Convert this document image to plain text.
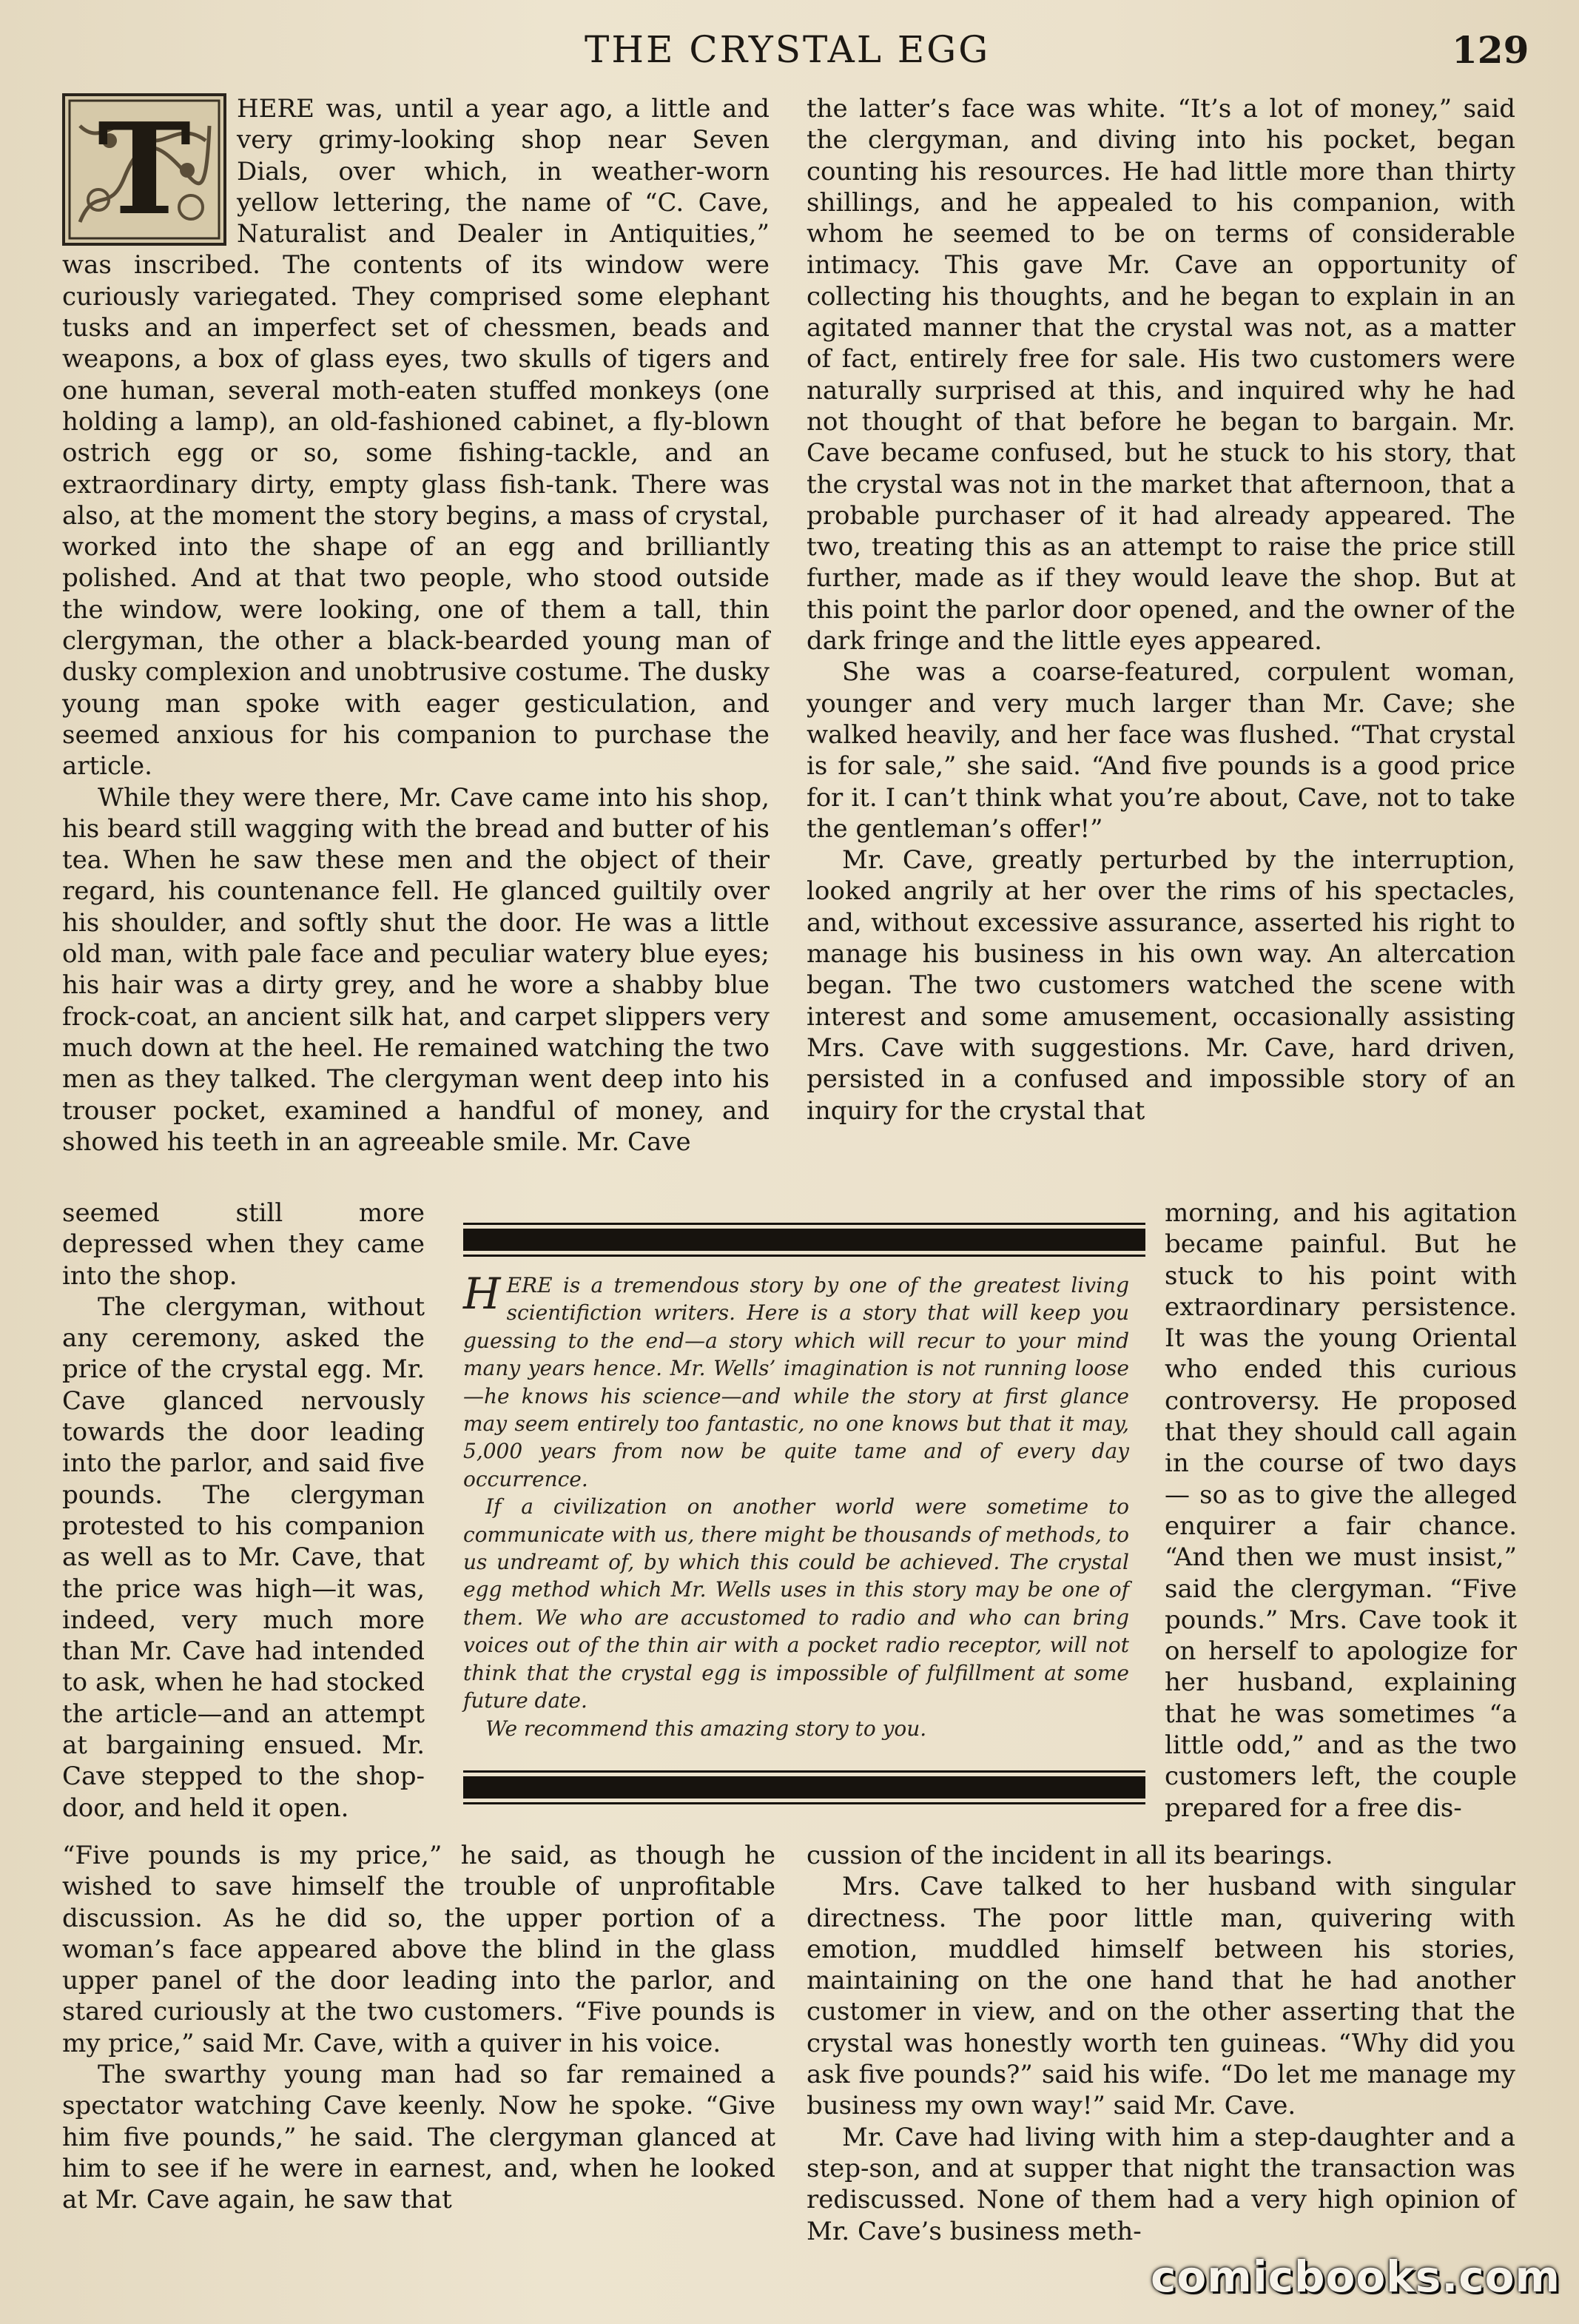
THE CRYSTAL EGG	129
T	HERE was, until a year ago, a little and very grimy-looking shop near Seven Dials, over which, in weather-worn yellow lettering, the name of “C. Cave, Naturalist and Dealer in Antiquities,” was inscribed. The contents of its window were curiously variegated. They comprised some elephant tusks and an imperfect set of chessmen, beads and weapons, a box of glass eyes, two skulls of tigers and one human, several moth-eaten stuffed monkeys (one holding a lamp), an old-fashioned cabinet, a fly-blown ostrich egg or so, some fishing-tackle, and an extraordinary dirty, empty glass fish-tank. There was also, at the moment the story begins, a mass of crystal, worked into the shape of an egg and brilliantly polished. And at that two people, who stood outside the window, were looking, one of them a tall, thin clergyman, the other a black-bearded young man of dusky complexion and unobtrusive costume. The dusky young man spoke with eager gesticulation, and seemed anxious for his companion to purchase the article.

While they were there, Mr. Cave came into his shop, his beard still wagging with the bread and butter of his tea. When he saw these men and the object of their regard, his countenance fell. He glanced guiltily over his shoulder, and softly shut the door. He was a little old man, with pale face and peculiar watery blue eyes; his hair was a dirty grey, and he wore a shabby blue frock-coat, an ancient silk hat, and carpet slippers very much down at the heel. He remained watching the two men as they talked. The clergyman went deep into his trouser pocket, examined a handful of money, and showed his teeth in an agreeable smile. Mr. Cave

seemed still more depressed when they came into the shop.

The clergyman, without any ceremony, asked the price of the crystal egg. Mr. Cave glanced nervously towards the door leading into the parlor, and said five pounds. The clergyman protested to his companion as well as to Mr. Cave, that the price was high—it was, indeed, very much more than Mr. Cave had intended to ask, when he had stocked the article—and an attempt at bargaining ensued. Mr. Cave stepped to the shop-door, and held it open.

“Five pounds is my price,” he said, as though he wished to save himself the trouble of unprofitable discussion. As he did so, the upper portion of a woman’s face appeared above the blind in the glass upper panel of the door leading into the parlor, and stared curiously at the two customers. “Five pounds is my price,” said Mr. Cave, with a quiver in his voice.

The swarthy young man had so far remained a spectator watching Cave keenly. Now he spoke. “Give him five pounds,” he said. The clergyman glanced at him to see if he were in earnest, and, when he looked at Mr. Cave again, he saw that

the latter’s face was white. “It’s a lot of money,” said the clergyman, and diving into his pocket, began counting his resources. He had little more than thirty shillings, and he appealed to his companion, with whom he seemed to be on terms of considerable intimacy. This gave Mr. Cave an opportunity of collecting his thoughts, and he began to explain in an agitated manner that the crystal was not, as a matter of fact, entirely free for sale. His two customers were naturally surprised at this, and inquired why he had not thought of that before he began to bargain. Mr. Cave became confused, but he stuck to his story, that the crystal was not in the market that afternoon, that a probable purchaser of it had already appeared. The two, treating this as an attempt to raise the price still further, made as if they would leave the shop. But at this point the parlor door opened, and the owner of the dark fringe and the little eyes appeared.

She was a coarse-featured, corpulent woman, younger and very much larger than Mr. Cave; she walked heavily, and her face was flushed. “That crystal is for sale,” she said. “And five pounds is a good price for it. I can’t think what you’re about, Cave, not to take the gentleman’s offer!”

Mr. Cave, greatly perturbed by the interruption, looked angrily at her over the rims of his spectacles, and, without excessive assurance, asserted his right to manage his business in his own way. An altercation began. The two customers watched the scene with interest and some amusement, occasionally assisting Mrs. Cave with suggestions. Mr. Cave, hard driven, persisted in a confused and impossible story of an inquiry for the crystal that

morning, and his agitation became painful. But he stuck to his point with extraordinary persistence. It was the young Oriental who ended this curious controversy. He proposed that they should call again in the course of two days — so as to give the alleged enquirer a fair chance. “And then we must insist,” said the clergyman. “Five pounds.” Mrs. Cave took it on herself to apologize for her husband, explaining that he was sometimes “a little odd,” and as the two customers left, the couple prepared for a free dis-

cussion of the incident in all its bearings.

Mrs. Cave talked to her husband with singular directness. The poor little man, quivering with emotion, muddled himself between his stories, maintaining on the one hand that he had another customer in view, and on the other asserting that the crystal was honestly worth ten guineas. “Why did you ask five pounds?” said his wife. “Do let me manage my business my own way!” said Mr. Cave.

Mr. Cave had living with him a step-daughter and a step-son, and at supper that night the transaction was rediscussed. None of them had a very high opinion of Mr. Cave’s business meth-

HERE is a tremendous story by one of the greatest living scientifiction writers. Here is a story that will keep you guessing to the end—a story which will recur to your mind many years hence. Mr. Wells’ imagination is not running loose—he knows his science—and while the story at first glance may seem entirely too fantastic, no one knows but that it may, 5,000 years from now be quite tame and of every day occurrence.

If a civilization on another world were sometime to communicate with us, there might be thousands of methods, to us undreamt of, by which this could be achieved. The crystal egg method which Mr. Wells uses in this story may be one of them. We who are accustomed to radio and who can bring voices out of the thin air with a pocket radio receptor, will not think that the crystal egg is impossible of fulfillment at some future date.

We recommend this amazing story to you.

comicbooks.com
